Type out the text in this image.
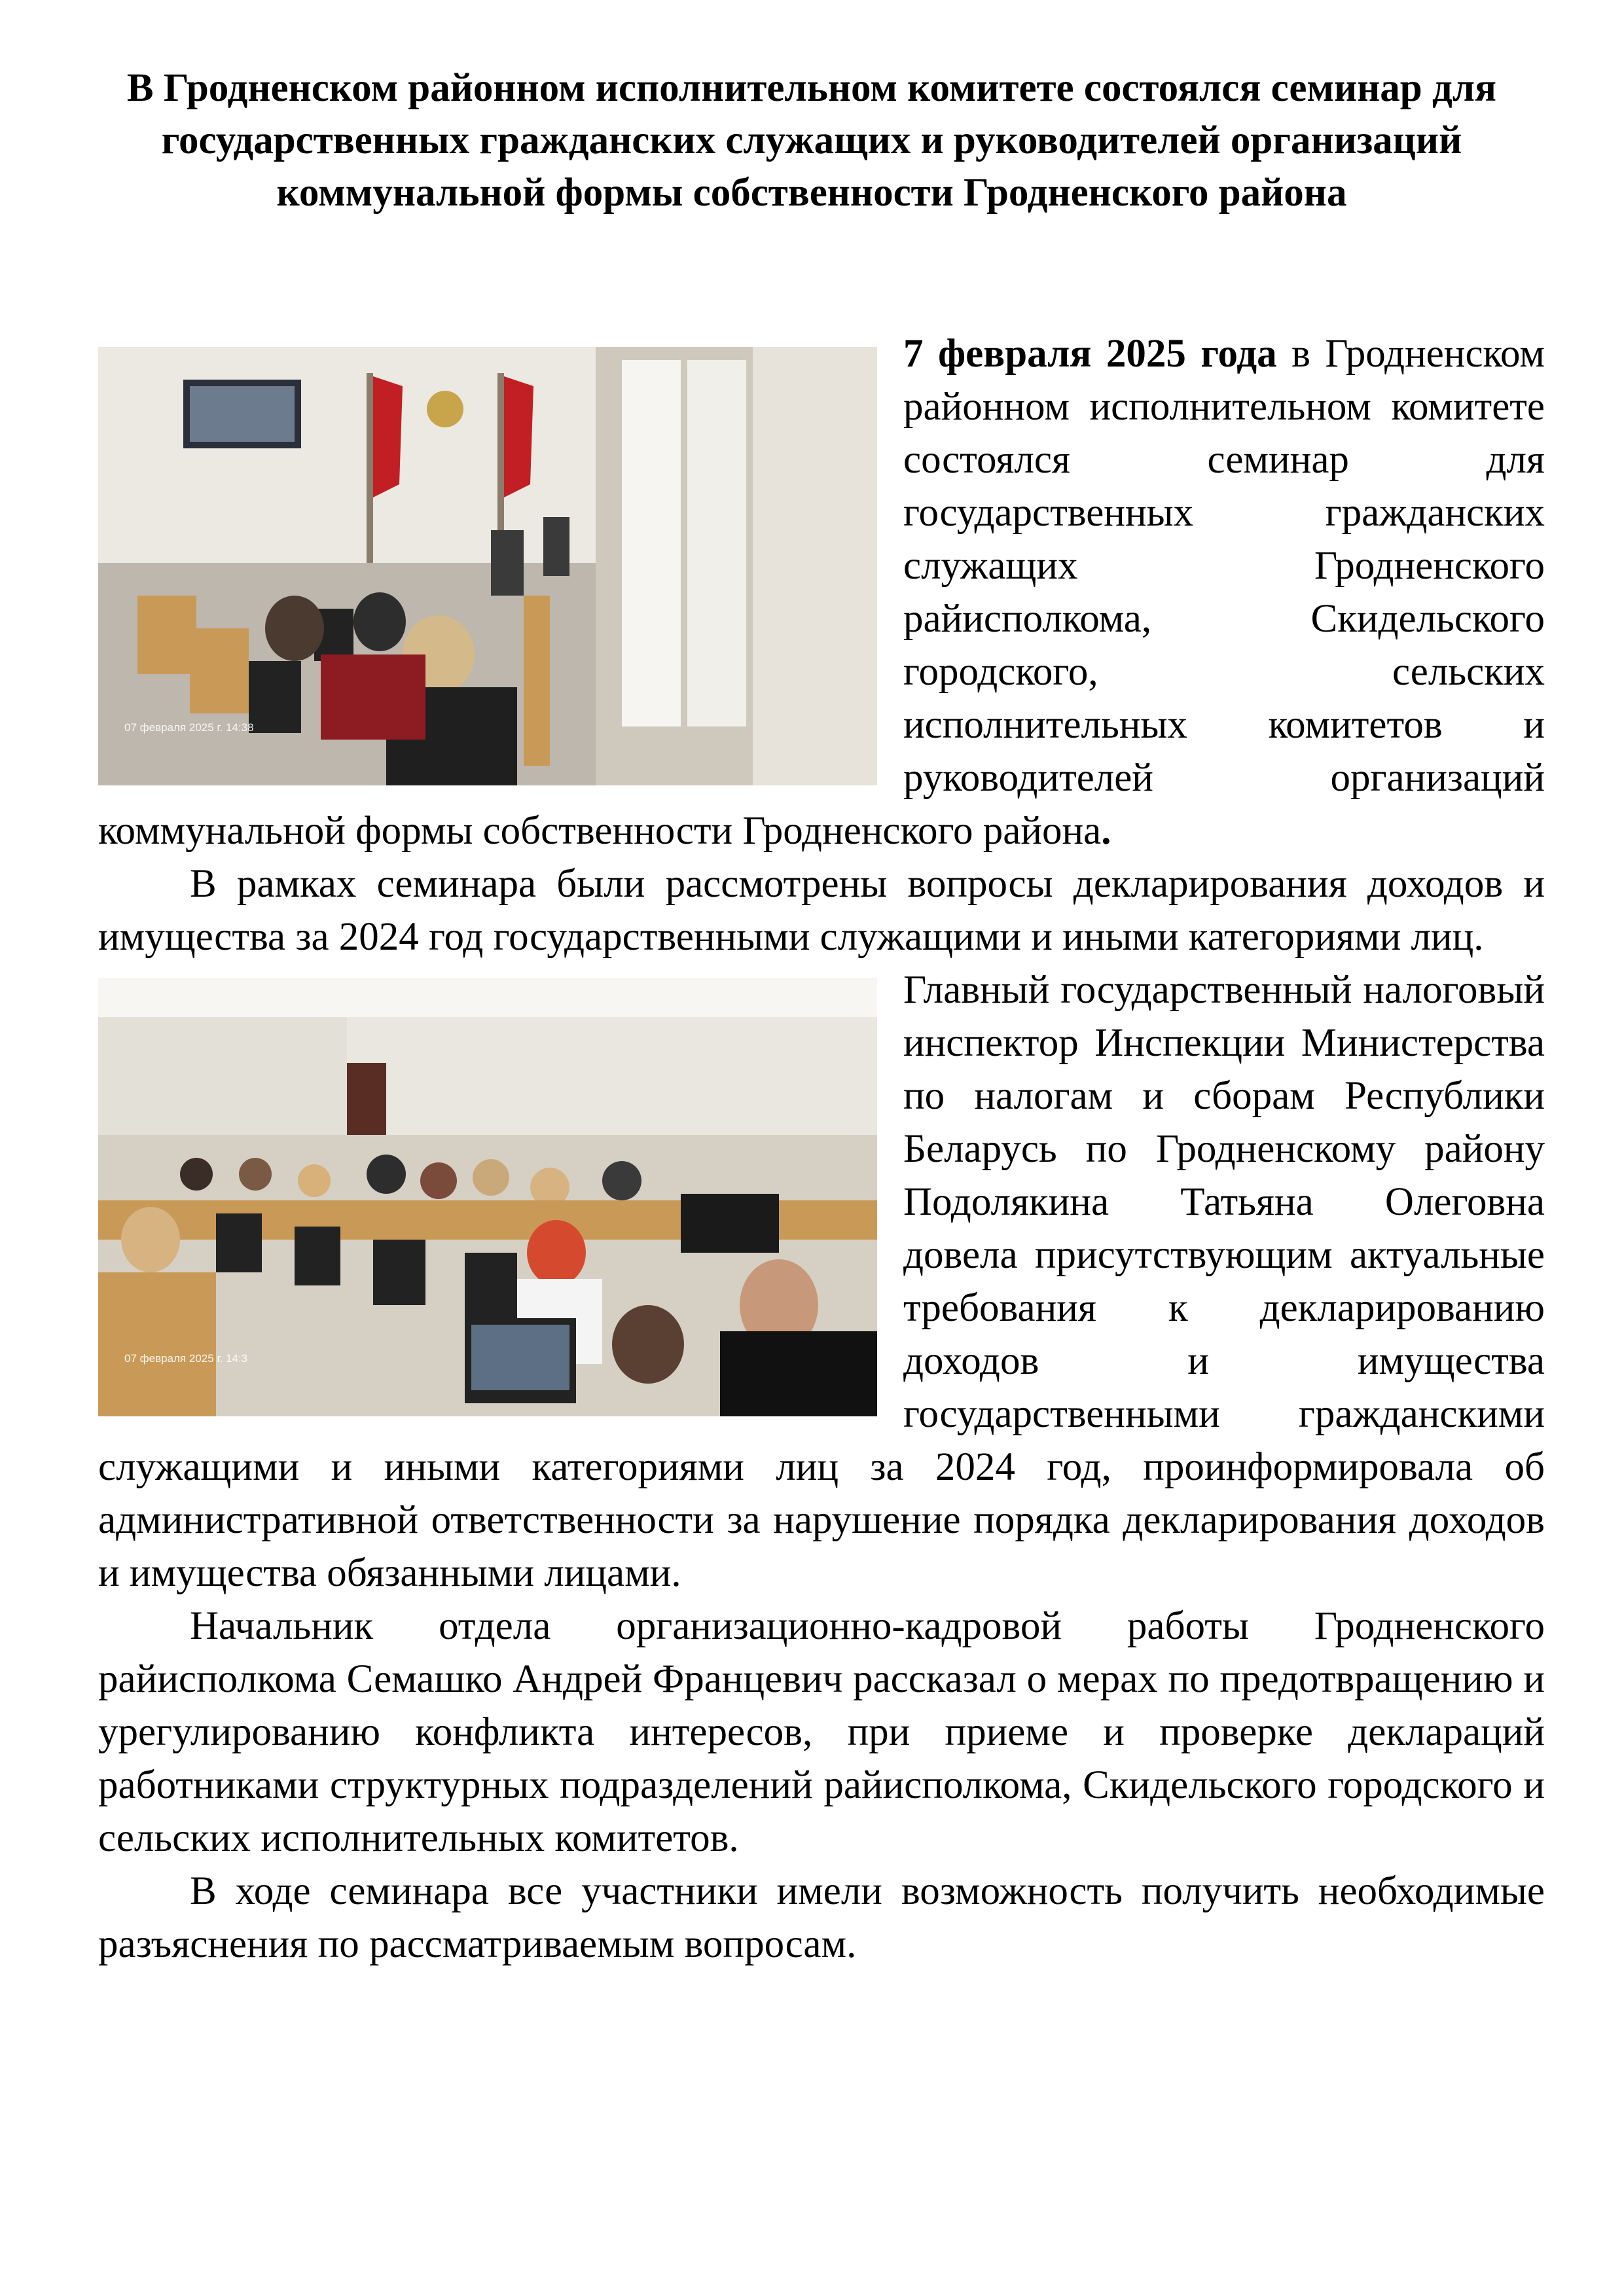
В Гродненском районном исполнительном комитете состоялся семинар для государственных гражданских служащих и руководителей организаций коммунальной формы собственности Гродненского района
07 февраля 2025 г. 14:38

7 февраля 2025 года в Гродненском районном исполнительном комитете состоялся семинар для государственных гражданских служащих Гродненского райисполкома, Скидельского городского, сельских исполнительных комитетов и руководителей организаций коммунальной формы собственности Гродненского района.

В рамках семинара были рассмотрены вопросы декларирования доходов и имущества за 2024 год государственными служащими и иными категориями лиц.

07 февраля 2025 г. 14:3

Главный государственный налоговый инспектор Инспекции Министерства по налогам и сборам Республики Беларусь по Гродненскому району Подолякина Татьяна Олеговна довела присутствующим актуальные требования к декларированию доходов и имущества государственными гражданскими служащими и иными категориями лиц за 2024 год, проинформировала об административной ответственности за нарушение порядка декларирования доходов и имущества обязанными лицами.

Начальник отдела организационно-кадровой работы Гродненского райисполкома Семашко Андрей Францевич рассказал о мерах по предотвращению и урегулированию конфликта интересов, при приеме и проверке деклараций работниками структурных подразделений райисполкома, Скидельского городского и сельских исполнительных комитетов.

В ходе семинара все участники имели возможность получить необходимые разъяснения по рассматриваемым вопросам.
